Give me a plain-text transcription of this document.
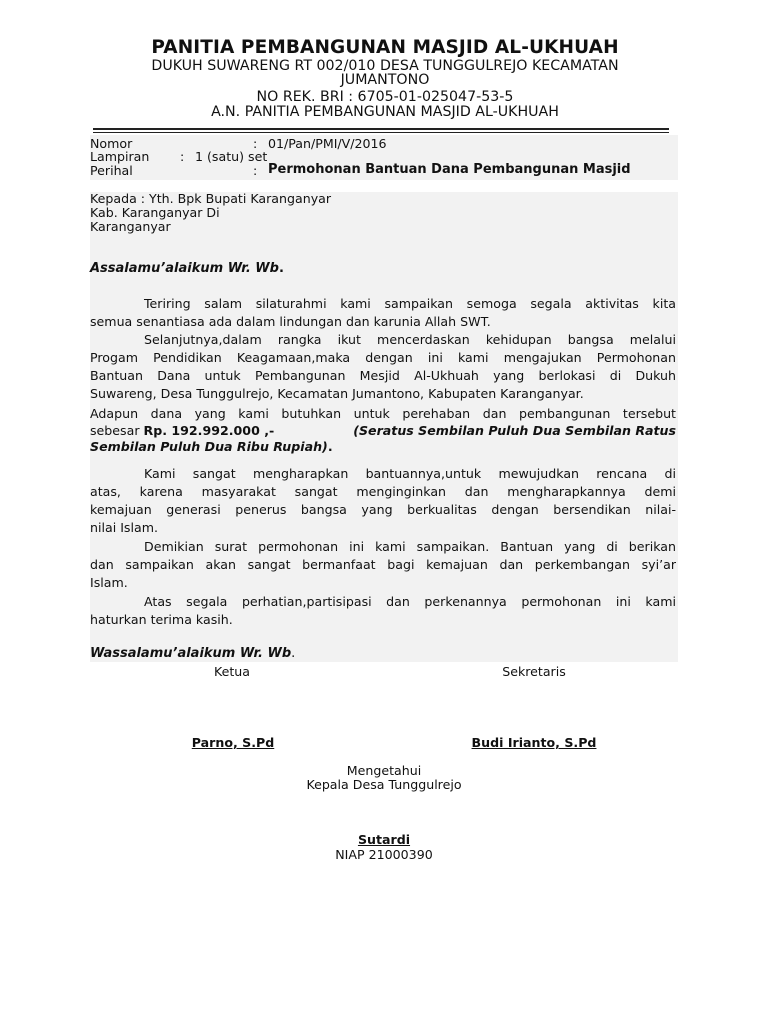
PANITIA PEMBANGUNAN MASJID AL-UKHUAH
DUKUH SUWARENG RT 002/010 DESA TUNGGULREJO KECAMATAN
JUMANTONO
NO REK. BRI : 6705-01-025047-53-5
A.N. PANITIA PEMBANGUNAN MASJID AL-UKHUAH
Nomor	: 01/Pan/PMI/V/2016
Lampiran : 1 (satu) set
Perihal	: Permohonan Bantuan Dana Pembangunan Masjid
Kepada : Yth. Bpk Bupati Karanganyar
Kab. Karanganyar Di
Karanganyar
Assalamu’alaikum Wr. Wb.
Teriring salam silaturahmi kami sampaikan semoga segala aktivitas kita
semua senantiasa ada dalam lindungan dan karunia Allah SWT.
Selanjutnya,dalam rangka ikut mencerdaskan kehidupan bangsa melalui
Progam Pendidikan Keagamaan,maka dengan ini kami mengajukan Permohonan
Bantuan Dana untuk Pembangunan Mesjid Al-Ukhuah yang berlokasi di Dukuh
Suwareng, Desa Tunggulrejo, Kecamatan Jumantono, Kabupaten Karanganyar.
Adapun dana yang kami butuhkan untuk perehaban dan pembangunan tersebut
sebesar Rp. 192.992.000 ,-	(Seratus Sembilan Puluh Dua Sembilan Ratus
Sembilan Puluh Dua Ribu Rupiah).
Kami sangat mengharapkan bantuannya,untuk mewujudkan rencana di
atas, karena masyarakat sangat menginginkan dan mengharapkannya demi
kemajuan generasi penerus bangsa yang berkualitas dengan bersendikan nilai-
nilai Islam.
Demikian surat permohonan ini kami sampaikan. Bantuan yang di berikan
dan sampaikan akan sangat bermanfaat bagi kemajuan dan perkembangan syi’ar
Islam.
Atas segala perhatian,partisipasi dan perkenannya permohonan ini kami
haturkan terima kasih.
Wassalamu’alaikum Wr. Wb.
Ketua	Sekretaris
Parno, S.Pd	Budi Irianto, S.Pd
Mengetahui
Kepala Desa Tunggulrejo
Sutardi
NIAP 21000390
